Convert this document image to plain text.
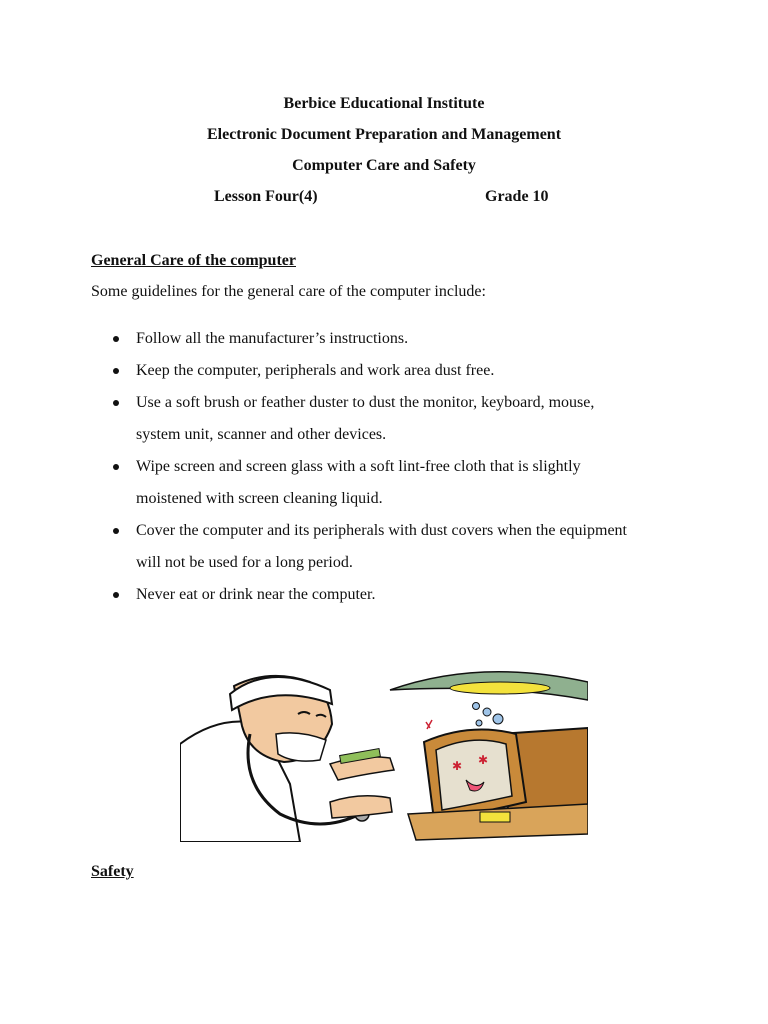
Berbice Educational Institute

Electronic Document Preparation and Management

Computer Care and Safety

Lesson Four(4)	Grade 10

General Care of the computer

Some guidelines for the general care of the computer include:

Follow all the manufacturer’s instructions.
Keep the computer, peripherals and work area dust free.
Use a soft brush or feather duster to dust the monitor, keyboard, mouse,
system unit, scanner and other devices.
Wipe screen and screen glass with a soft lint-free cloth that is slightly
moistened with screen cleaning liquid.
Cover the computer and its peripherals with dust covers when the equipment
will not be used for a long period.
Never eat or drink near the computer.
✱ ✱

Safety
